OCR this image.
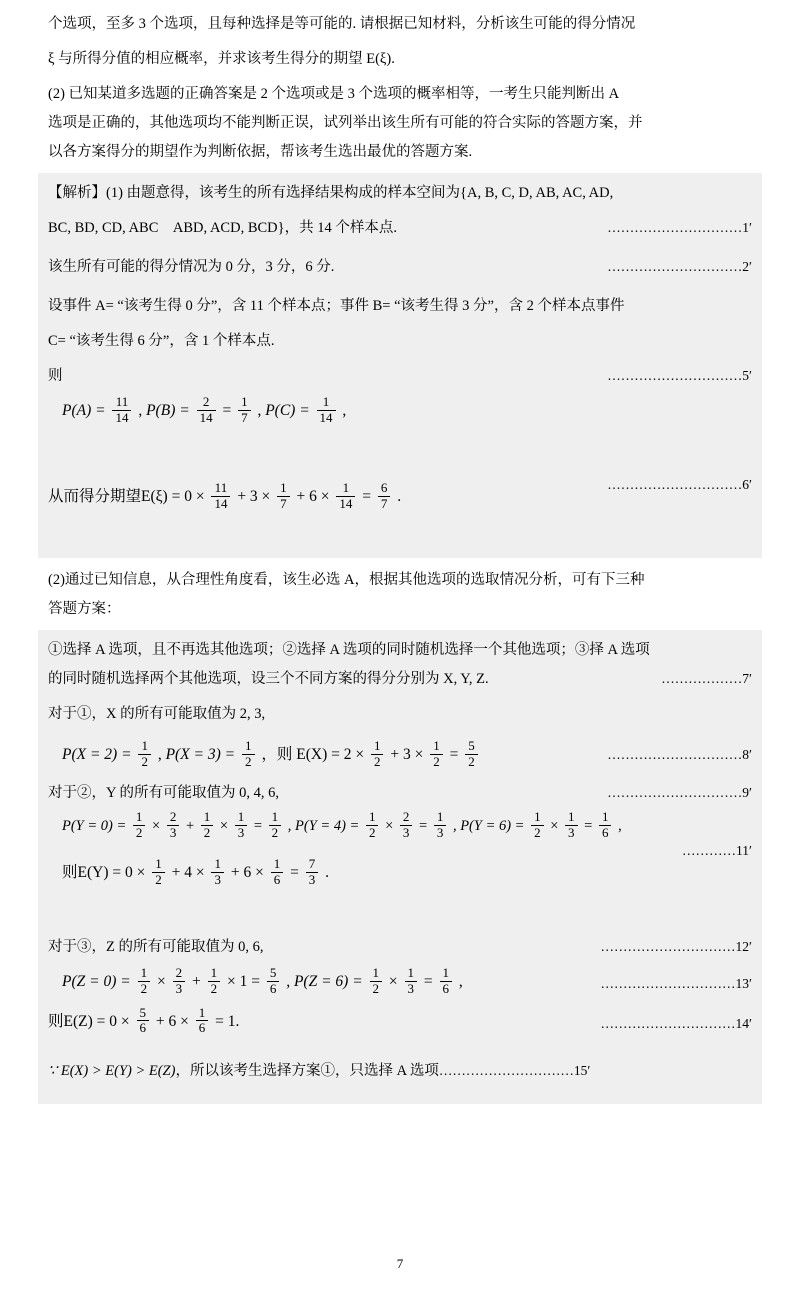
个选项，至多 3 个选项，且每种选择是等可能的. 请根据已知材料，分析该生可能的得分情况
ξ 与所得分值的相应概率，并求该考生得分的期望 E(ξ).
(2) 已知某道多选题的正确答案是 2 个选项或是 3 个选项的概率相等，一考生只能判断出 A
选项是正确的，其他选项均不能判断正误，试列举出该生所有可能的符合实际的答题方案，并
以各方案得分的期望作为判断依据，帮该考生选出最优的答题方案.
【解析】(1) 由题意得，该考生的所有选择结果构成的样本空间为{A, B, C, D, AB, AC, AD,
BC, BD, CD, ABC　ABD, ACD, BCD}，共 14 个样本点.	…………………………1′
该生所有可能的得分情况为 0 分，3 分，6 分.	…………………………2′
设事件 A= “该考生得 0 分”，含 11 个样本点；事件 B= “该考生得 3 分”，含 2 个样本点事件
C= “该考生得 6 分”，含 1 个样本点.
则	…………………………5′
$P(A) = \frac{11}{14}$ , $P(B) = \frac{2}{14} = \frac{1}{7}$ , $P(C) = \frac{1}{14}$ ,
从而得分期望$E(\xi) = 0 \times \frac{11}{14} + 3 \times \frac{1}{7} + 6 \times \frac{1}{14} = \frac{6}{7}$ .
…………………………6′
(2)通过已知信息，从合理性角度看，该生必选 A，根据其他选项的选取情况分析，可有下三种
答题方案：
①选择 A 选项，且不再选其他选项；②选择 A 选项的同时随机选择一个其他选项；③择 A 选项
的同时随机选择两个其他选项，设三个不同方案的得分分别为 X, Y, Z.	………………7′
对于①，X 的所有可能取值为 2, 3,
$P(X = 2) = \frac{1}{2}$ , $P(X = 3) = \frac{1}{2}$ ，则 $E(X) = 2 \times \frac{1}{2} + 3 \times \frac{1}{2} = \frac{5}{2}$	…………………………8′
对于②，Y 的所有可能取值为 0, 4, 6,	…………………………9′
$P(Y = 0) = \frac{1}{2} \times \frac{2}{3} + \frac{1}{2} \times \frac{1}{3} = \frac{1}{2}$ , $P(Y = 4) = \frac{1}{2} \times \frac{2}{3} = \frac{1}{3}$ , $P(Y = 6) = \frac{1}{2} \times \frac{1}{3} = \frac{1}{6}$ ,
…………11′
则$E(Y) = 0 \times \frac{1}{2} + 4 \times \frac{1}{3} + 6 \times \frac{1}{6} = \frac{7}{3}$ .
对于③，Z 的所有可能取值为 0, 6,	…………………………12′
$P(Z = 0) = \frac{1}{2} \times \frac{2}{3} + \frac{1}{2} \times 1 = \frac{5}{6}$ , $P(Z = 6) = \frac{1}{2} \times \frac{1}{3} = \frac{1}{6}$ ,	…………………………13′
则$E(Z) = 0 \times \frac{5}{6} + 6 \times \frac{1}{6} = 1$.	…………………………14′
∵ E(X) > E(Y) > E(Z)，所以该考生选择方案①，只选择 A 选项…………………………15′
7
